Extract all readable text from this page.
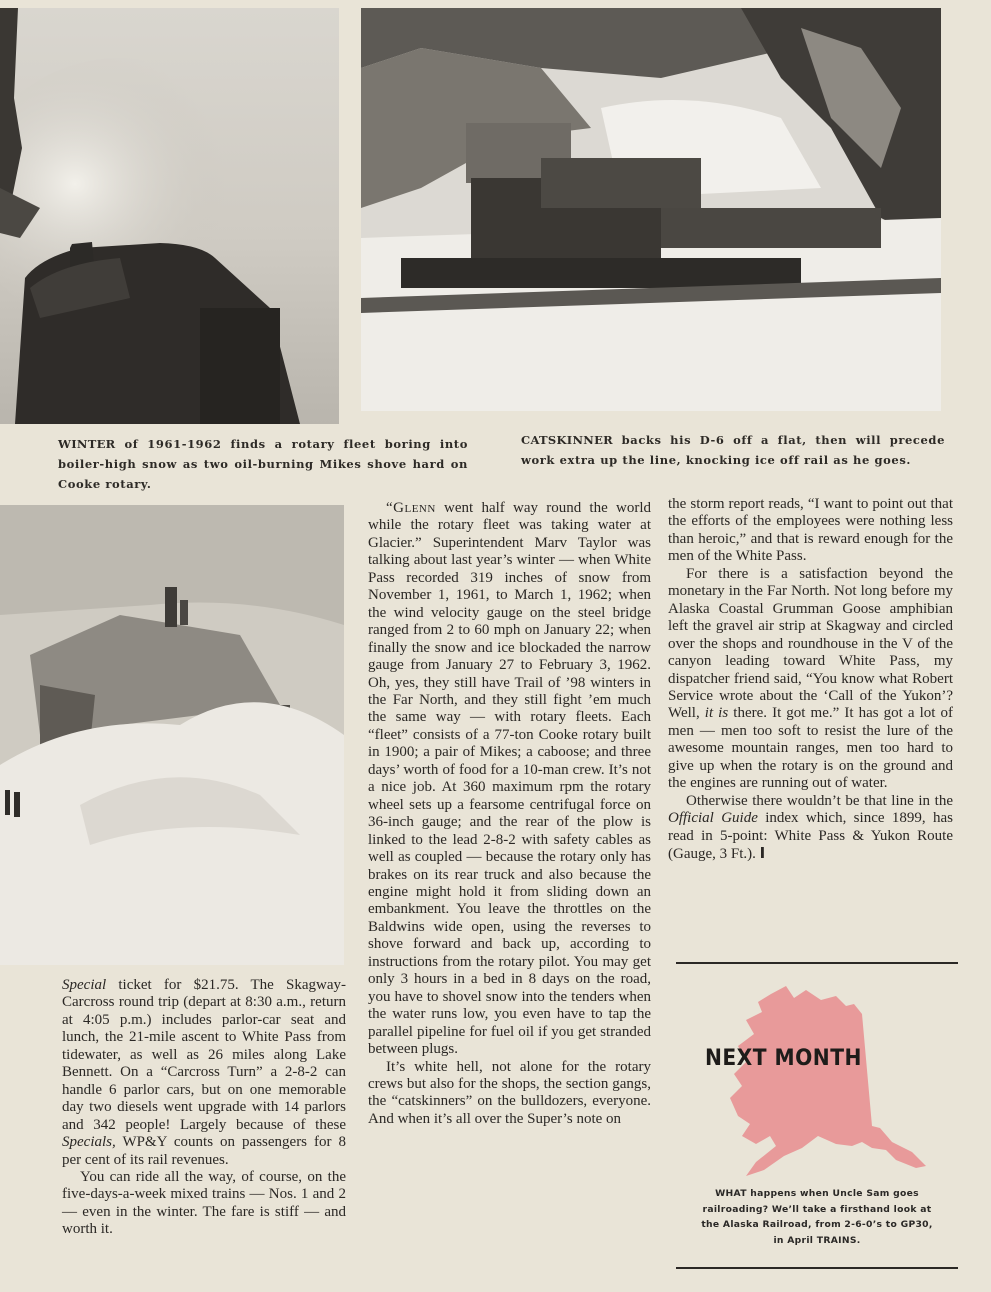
WINTER of 1961-1962 finds a rotary fleet boring into boiler-high snow as two oil-burning Mikes shove hard on Cooke rotary.
CATSKINNER backs his D-6 off a flat, then will precede work extra up the line, knocking ice off rail as he goes.

Special ticket for $21.75. The Skagway-Carcross round trip (depart at 8:30 a.m., return at 4:05 p.m.) includes parlor-car seat and lunch, the 21-mile ascent to White Pass from tidewater, as well as 26 miles along Lake Bennett. On a “Carcross Turn” a 2-8-2 can handle 6 parlor cars, but on one memorable day two diesels went upgrade with 14 parlors and 342 people! Largely because of these Specials, WP&Y counts on passengers for 8 per cent of its rail revenues.

You can ride all the way, of course, on the five-days-a-week mixed trains — Nos. 1 and 2 — even in the winter. The fare is stiff — and worth it.

“Glenn went half way round the world while the rotary fleet was taking water at Glacier.” Superintendent Marv Taylor was talking about last year’s winter — when White Pass recorded 319 inches of snow from November 1, 1961, to March 1, 1962; when the wind velocity gauge on the steel bridge ranged from 2 to 60 mph on January 22; when finally the snow and ice blockaded the narrow gauge from January 27 to February 3, 1962. Oh, yes, they still have Trail of ’98 winters in the Far North, and they still fight ’em much the same way — with rotary fleets. Each “fleet” consists of a 77-ton Cooke rotary built in 1900; a pair of Mikes; a caboose; and three days’ worth of food for a 10-man crew. It’s not a nice job. At 360 maximum rpm the rotary wheel sets up a fearsome centrifugal force on 36-inch gauge; and the rear of the plow is linked to the lead 2-8-2 with safety cables as well as coupled — because the rotary only has brakes on its rear truck and also because the engine might hold it from sliding down an embankment. You leave the throttles on the Baldwins wide open, using the reverses to shove forward and back up, according to instructions from the rotary pilot. You may get only 3 hours in a bed in 8 days on the road, you have to shovel snow into the tenders when the water runs low, you even have to tap the parallel pipeline for fuel oil if you get stranded between plugs.

It’s white hell, not alone for the rotary crews but also for the shops, the section gangs, the “catskinners” on the bulldozers, everyone. And when it’s all over the Super’s note on

the storm report reads, “I want to point out that the efforts of the employees were nothing less than heroic,” and that is reward enough for the men of the White Pass.

For there is a satisfaction beyond the monetary in the Far North. Not long before my Alaska Coastal Grumman Goose amphibian left the gravel air strip at Skagway and circled over the shops and roundhouse in the V of the canyon leading toward White Pass, my dispatcher friend said, “You know what Robert Service wrote about the ‘Call of the Yukon’? Well, it is there. It got me.” It has got a lot of men — men too soft to resist the lure of the awesome mountain ranges, men too hard to give up when the rotary is on the ground and the engines are running out of water.

Otherwise there wouldn’t be that line in the Official Guide index which, since 1899, has read in 5-point: White Pass & Yukon Route (Gauge, 3 Ft.). I

NEXT MONTH
WHAT happens when Uncle Sam goes railroading? We’ll take a firsthand look at the Alaska Railroad, from 2-6-0’s to GP30, in April TRAINS.
